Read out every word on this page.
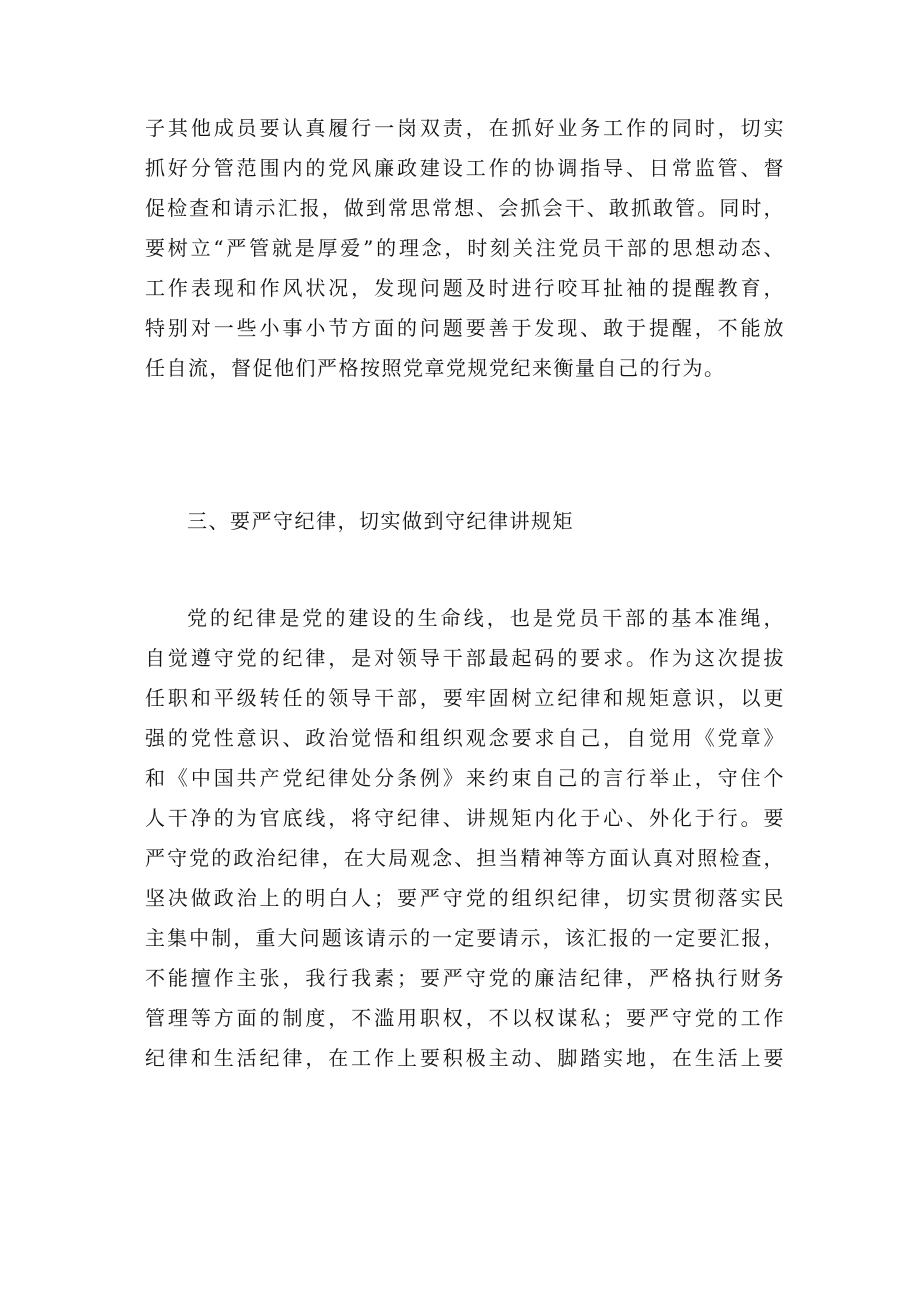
子其他成员要认真履行一岗双责，在抓好业务工作的同时，切实
抓好分管范围内的党风廉政建设工作的协调指导、日常监管、督
促检查和请示汇报，做到常思常想、会抓会干、敢抓敢管。同时，
要树立“严管就是厚爱”的理念，时刻关注党员干部的思想动态、
工作表现和作风状况，发现问题及时进行咬耳扯袖的提醒教育，
特别对一些小事小节方面的问题要善于发现、敢于提醒，不能放
任自流，督促他们严格按照党章党规党纪来衡量自己的行为。
三、要严守纪律，切实做到守纪律讲规矩
党的纪律是党的建设的生命线，也是党员干部的基本准绳，
自觉遵守党的纪律，是对领导干部最起码的要求。作为这次提拔
任职和平级转任的领导干部，要牢固树立纪律和规矩意识，以更
强的党性意识、政治觉悟和组织观念要求自己，自觉用《党章》
和《中国共产党纪律处分条例》来约束自己的言行举止，守住个
人干净的为官底线，将守纪律、讲规矩内化于心、外化于行。要
严守党的政治纪律，在大局观念、担当精神等方面认真对照检查，
坚决做政治上的明白人；要严守党的组织纪律，切实贯彻落实民
主集中制，重大问题该请示的一定要请示，该汇报的一定要汇报，
不能擅作主张，我行我素；要严守党的廉洁纪律，严格执行财务
管理等方面的制度，不滥用职权，不以权谋私；要严守党的工作
纪律和生活纪律，在工作上要积极主动、脚踏实地，在生活上要
